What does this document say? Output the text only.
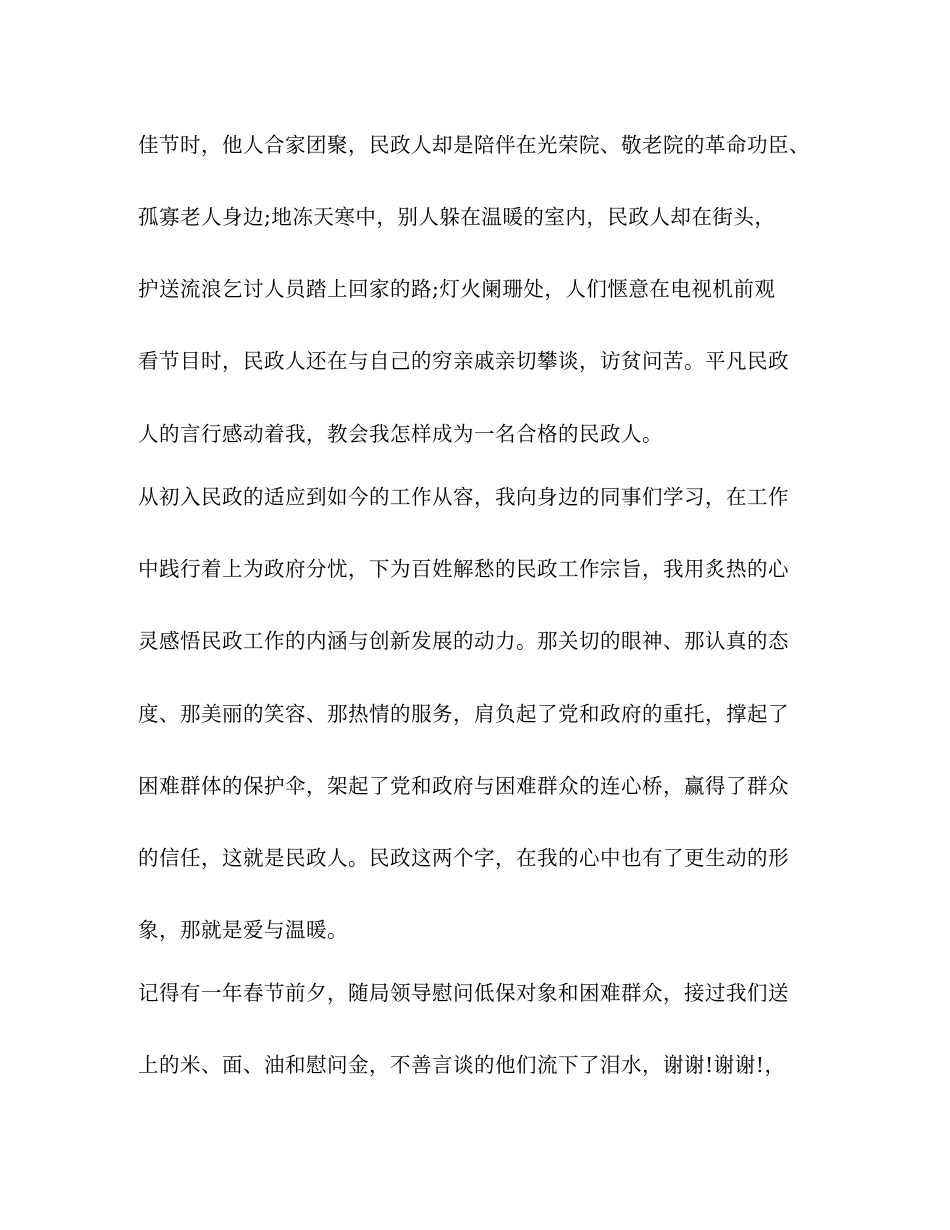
佳节时，他人合家团聚，民政人却是陪伴在光荣院、敬老院的革命功臣、
孤寡老人身边;地冻天寒中，别人躲在温暖的室内，民政人却在街头，
护送流浪乞讨人员踏上回家的路;灯火阑珊处，人们惬意在电视机前观
看节目时，民政人还在与自己的穷亲戚亲切攀谈，访贫问苦。平凡民政
人的言行感动着我，教会我怎样成为一名合格的民政人。
从初入民政的适应到如今的工作从容，我向身边的同事们学习，在工作
中践行着上为政府分忧，下为百姓解愁的民政工作宗旨，我用炙热的心
灵感悟民政工作的内涵与创新发展的动力。那关切的眼神、那认真的态
度、那美丽的笑容、那热情的服务，肩负起了党和政府的重托，撑起了
困难群体的保护伞，架起了党和政府与困难群众的连心桥，赢得了群众
的信任，这就是民政人。民政这两个字，在我的心中也有了更生动的形
象，那就是爱与温暖。
记得有一年春节前夕，随局领导慰问低保对象和困难群众，接过我们送
上的米、面、油和慰问金，不善言谈的他们流下了泪水，谢谢!谢谢!，
